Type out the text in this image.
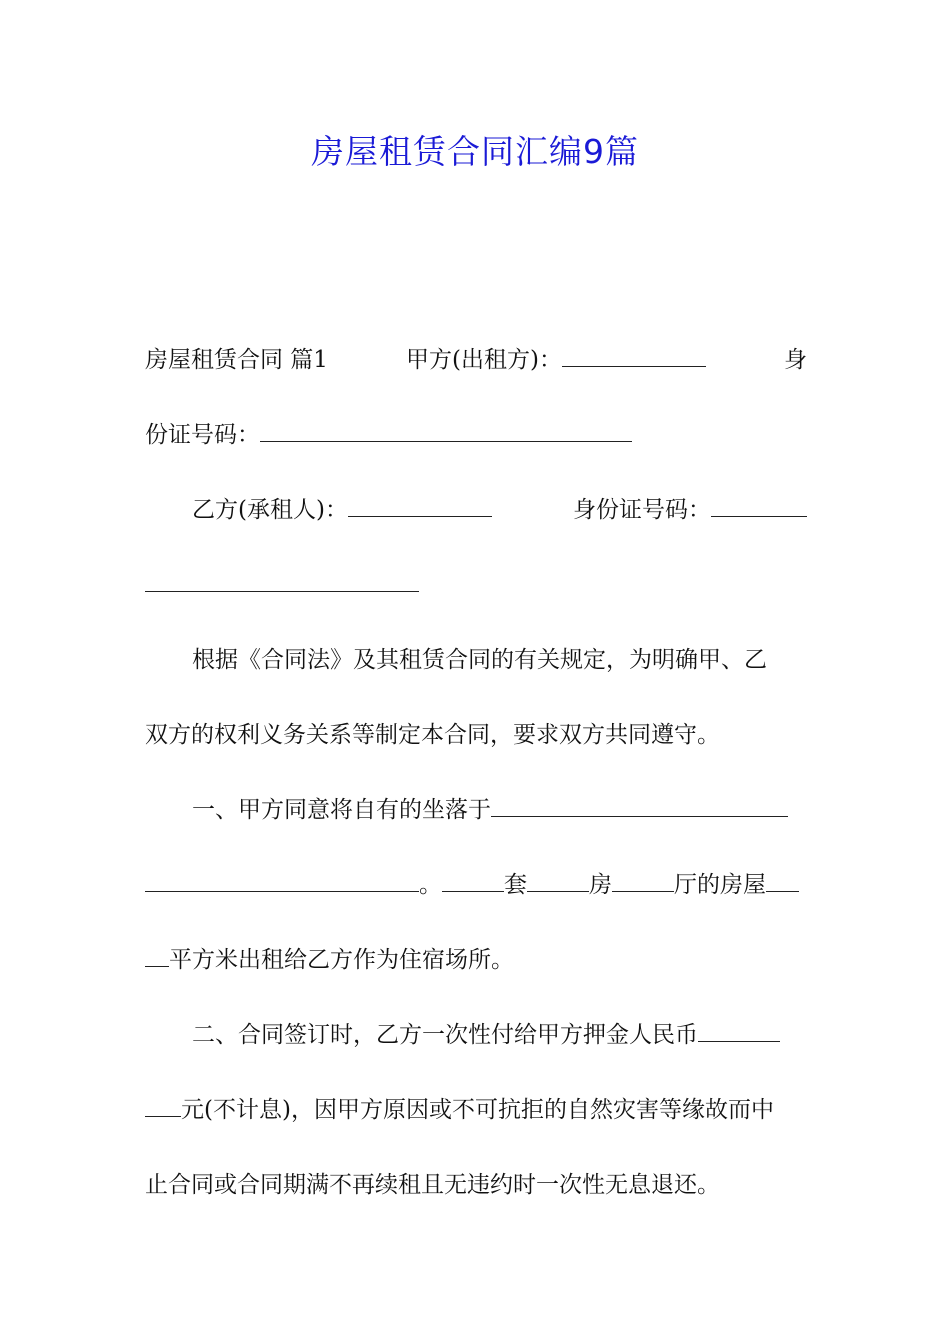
房屋租赁合同汇编9篇
房屋租赁合同 篇1	甲方(出租方)：	身
份证号码：
乙方(承租人)：	身份证号码：
根据《合同法》及其租赁合同的有关规定，为明确甲、乙
双方的权利义务关系等制定本合同，要求双方共同遵守。
一、甲方同意将自有的坐落于
。	套	房	厅的房屋
平方米出租给乙方作为住宿场所。
二、合同签订时，乙方一次性付给甲方押金人民币
元(不计息)，因甲方原因或不可抗拒的自然灾害等缘故而中
止合同或合同期满不再续租且无违约时一次性无息退还。
